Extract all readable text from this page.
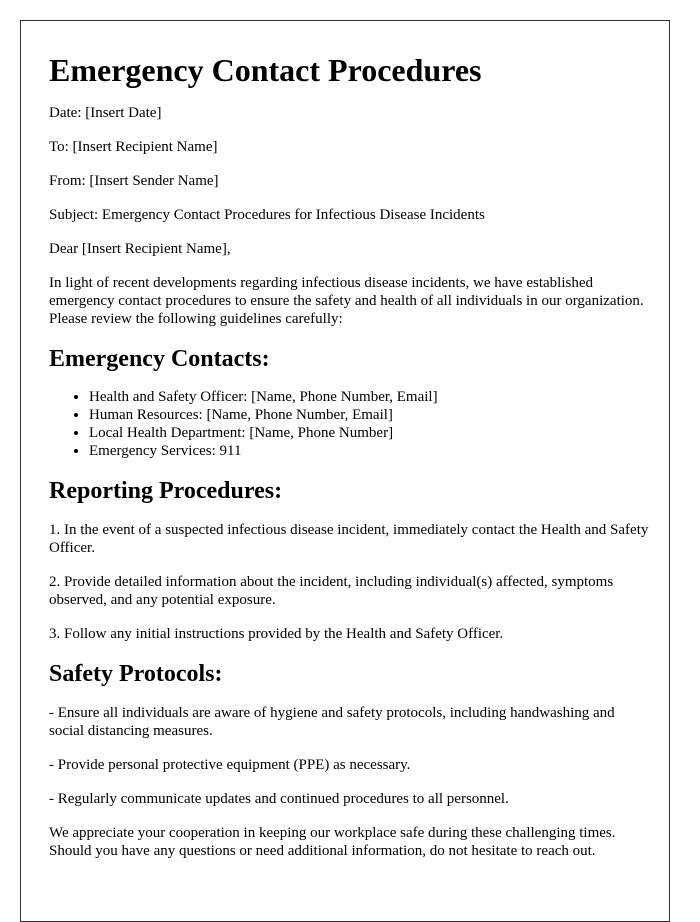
Emergency Contact Procedures

Date: [Insert Date]

To: [Insert Recipient Name]

From: [Insert Sender Name]

Subject: Emergency Contact Procedures for Infectious Disease Incidents

Dear [Insert Recipient Name],

In light of recent developments regarding infectious disease incidents, we have established emergency contact procedures to ensure the safety and health of all individuals in our organization. Please review the following guidelines carefully:

Emergency Contacts:
• Health and Safety Officer: [Name, Phone Number, Email]
• Human Resources: [Name, Phone Number, Email]
• Local Health Department: [Name, Phone Number]
• Emergency Services: 911
Reporting Procedures:

1. In the event of a suspected infectious disease incident, immediately contact the Health and Safety Officer.

2. Provide detailed information about the incident, including individual(s) affected, symptoms observed, and any potential exposure.

3. Follow any initial instructions provided by the Health and Safety Officer.

Safety Protocols:

- Ensure all individuals are aware of hygiene and safety protocols, including handwashing and social distancing measures.

- Provide personal protective equipment (PPE) as necessary.

- Regularly communicate updates and continued procedures to all personnel.

We appreciate your cooperation in keeping our workplace safe during these challenging times. Should you have any questions or need additional information, do not hesitate to reach out.
